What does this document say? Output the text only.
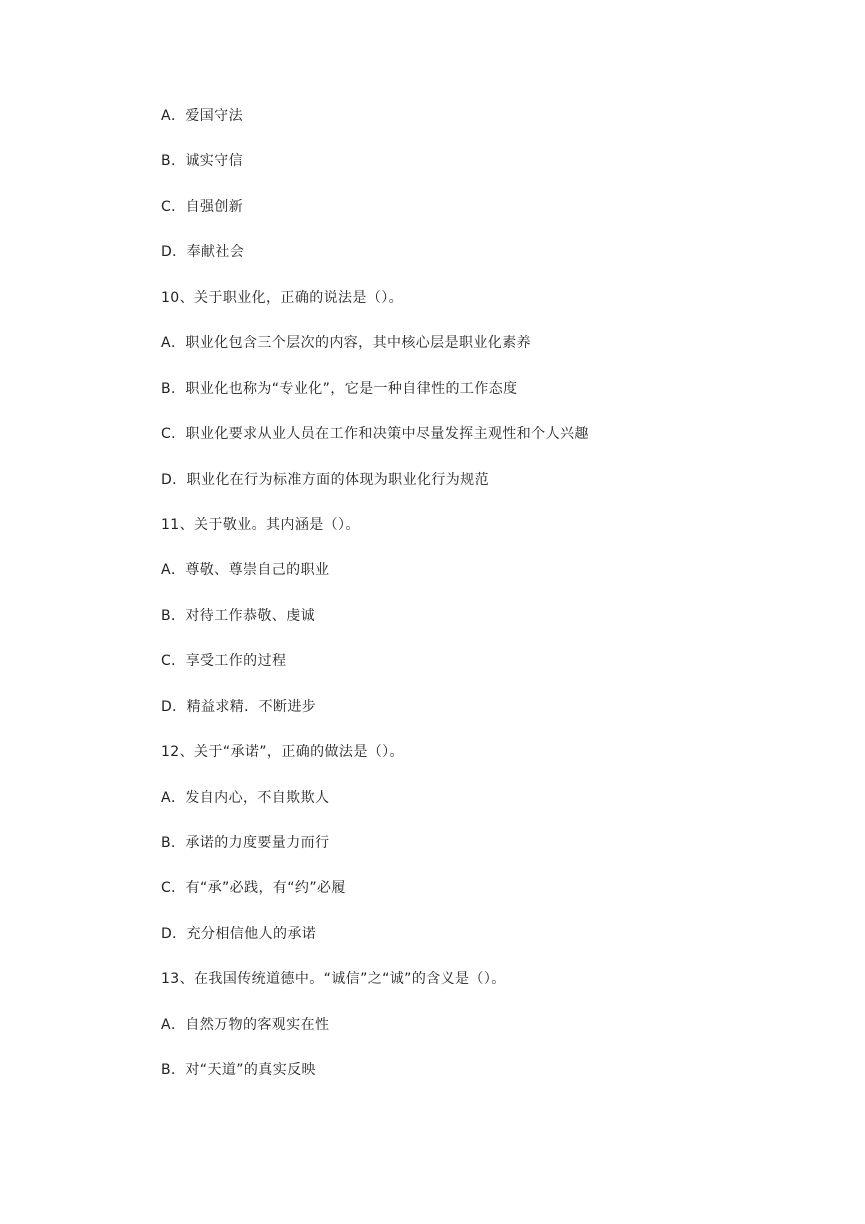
A．爱国守法
B．诚实守信
C．自强创新
D．奉献社会
10、关于职业化，正确的说法是（）。
A．职业化包含三个层次的内容，其中核心层是职业化素养
B．职业化也称为“专业化”，它是一种自律性的工作态度
C．职业化要求从业人员在工作和决策中尽量发挥主观性和个人兴趣
D．职业化在行为标准方面的体现为职业化行为规范
11、关于敬业。其内涵是（）。
A．尊敬、尊崇自己的职业
B．对待工作恭敬、虔诚
C．享受工作的过程
D．精益求精．不断进步
12、关于“承诺”，正确的做法是（）。
A．发自内心，不自欺欺人
B．承诺的力度要量力而行
C．有“承”必践，有“约”必履
D．充分相信他人的承诺
13、在我国传统道德中。“诚信”之“诚”的含义是（）。
A．自然万物的客观实在性
B．对“天道”的真实反映
